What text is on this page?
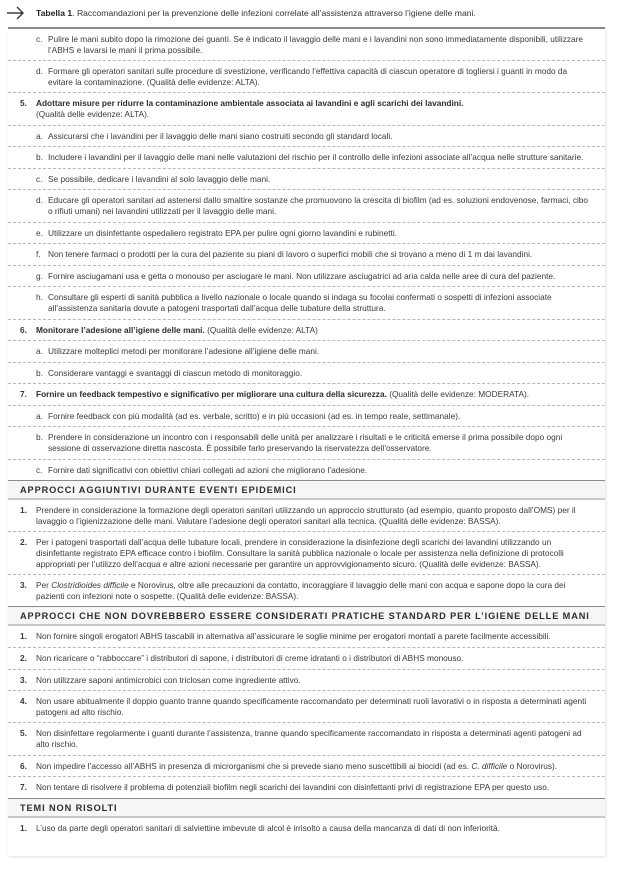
Tabella 1. Raccomandazioni per la prevenzione delle infezioni correlate all’assistenza attraverso l’igiene delle mani.
c. Pulire le mani subito dopo la rimozione dei guanti. Se è indicato il lavaggio delle mani e i lavandini non sono immediatamente disponibili, utilizzare l’ABHS e lavarsi le mani il prima possibile.
d. Formare gli operatori sanitari sulle procedure di svestizione, verificando l’effettiva capacità di ciascun operatore di togliersi i guanti in modo da evitare la contaminazione. (Qualità delle evidenze: ALTA).
5. Adottare misure per ridurre la contaminazione ambientale associata ai lavandini e agli scarichi dei lavandini.
(Qualità delle evidenze: ALTA).
a. Assicurarsi che i lavandini per il lavaggio delle mani siano costruiti secondo gli standard locali.
b. Includere i lavandini per il lavaggio delle mani nelle valutazioni del rischio per il controllo delle infezioni associate all’acqua nelle strutture sanitarie.
c. Se possibile, dedicare i lavandini al solo lavaggio delle mani.
d. Educare gli operatori sanitari ad astenersi dallo smaltire sostanze che promuovono la crescita di biofilm (ad es. soluzioni endovenose, farmaci, cibo o rifiuti umani) nei lavandini utilizzati per il lavaggio delle mani.
e. Utilizzare un disinfettante ospedaliero registrato EPA per pulire ogni giorno lavandini e rubinetti.
f. Non tenere farmaci o prodotti per la cura del paziente su piani di lavoro o superfici mobili che si trovano a meno di 1 m dai lavandini.
g. Fornire asciugamani usa e getta o monouso per asciugare le mani. Non utilizzare asciugatrici ad aria calda nelle aree di cura del paziente.
h. Consultare gli esperti di sanità pubblica a livello nazionale o locale quando si indaga su focolai confermati o sospetti di infezioni associate all’assistenza sanitaria dovute a patogeni trasportati dall’acqua delle tubature della struttura.
6. Monitorare l’adesione all’igiene delle mani. (Qualità delle evidenze: ALTA)
a. Utilizzare molteplici metodi per monitorare l’adesione all’igiene delle mani.
b. Considerare vantaggi e svantaggi di ciascun metodo di monitoraggio.
7. Fornire un feedback tempestivo e significativo per migliorare una cultura della sicurezza. (Qualità delle evidenze: MODERATA).
a. Fornire feedback con più modalità (ad es. verbale, scritto) e in più occasioni (ad es. in tempo reale, settimanale).
b. Prendere in considerazione un incontro con i responsabili delle unità per analizzare i risultati e le criticità emerse il prima possibile dopo ogni sessione di osservazione diretta nascosta. È possibile farlo preservando la riservatezza dell’osservatore.
c. Fornire dati significativi con obiettivi chiari collegati ad azioni che migliorano l’adesione.
APPROCCI AGGIUNTIVI DURANTE EVENTI EPIDEMICI
1. Prendere in considerazione la formazione degli operatori sanitari utilizzando un approccio strutturato (ad esempio, quanto proposto dall’OMS) per il lavaggio o l’igienizzazione delle mani. Valutare l’adesione degli operatori sanitari alla tecnica. (Qualità delle evidenze: BASSA).
2. Per i patogeni trasportati dall’acqua delle tubature locali, prendere in considerazione la disinfezione degli scarichi dei lavandini utilizzando un disinfettante registrato EPA efficace contro i biofilm. Consultare la sanità pubblica nazionale o locale per assistenza nella definizione di protocolli appropriati per l’utilizzo dell’acqua e altre azioni necessarie per garantire un approvvigionamento sicuro. (Qualità delle evidenze: BASSA).
3. Per Clostridioides difficile e Norovirus, oltre alle precauzioni da contatto, incoraggiare il lavaggio delle mani con acqua e sapone dopo la cura dei pazienti con infezioni note o sospette. (Qualità delle evidenze: BASSA).
APPROCCI CHE NON DOVREBBERO ESSERE CONSIDERATI PRATICHE STANDARD PER L’IGIENE DELLE MANI
1. Non fornire singoli erogatori ABHS tascabili in alternativa all’assicurare le soglie minime per erogatori montati a parete facilmente accessibili.
2. Non ricaricare o “rabboccare” i distributori di sapone, i distributori di creme idratanti o i distributori di ABHS monouso.
3. Non utilizzare saponi antimicrobici con triclosan come ingrediente attivo.
4. Non usare abitualmente il doppio guanto tranne quando specificamente raccomandato per determinati ruoli lavorativi o in risposta a determinati agenti patogeni ad alto rischio.
5. Non disinfettare regolarmente i guanti durante l’assistenza, tranne quando specificamente raccomandato in risposta a determinati agenti patogeni ad alto rischio.
6. Non impedire l’accesso all’ABHS in presenza di microrganismi che si prevede siano meno suscettibili ai biocidi (ad es. C. difficile o Norovirus).
7. Non tentare di risolvere il problema di potenziali biofilm negli scarichi dei lavandini con disinfettanti privi di registrazione EPA per questo uso.
TEMI NON RISOLTI
1. L’uso da parte degli operatori sanitari di salviettine imbevute di alcol è irrisolto a causa della mancanza di dati di non inferiorità.
